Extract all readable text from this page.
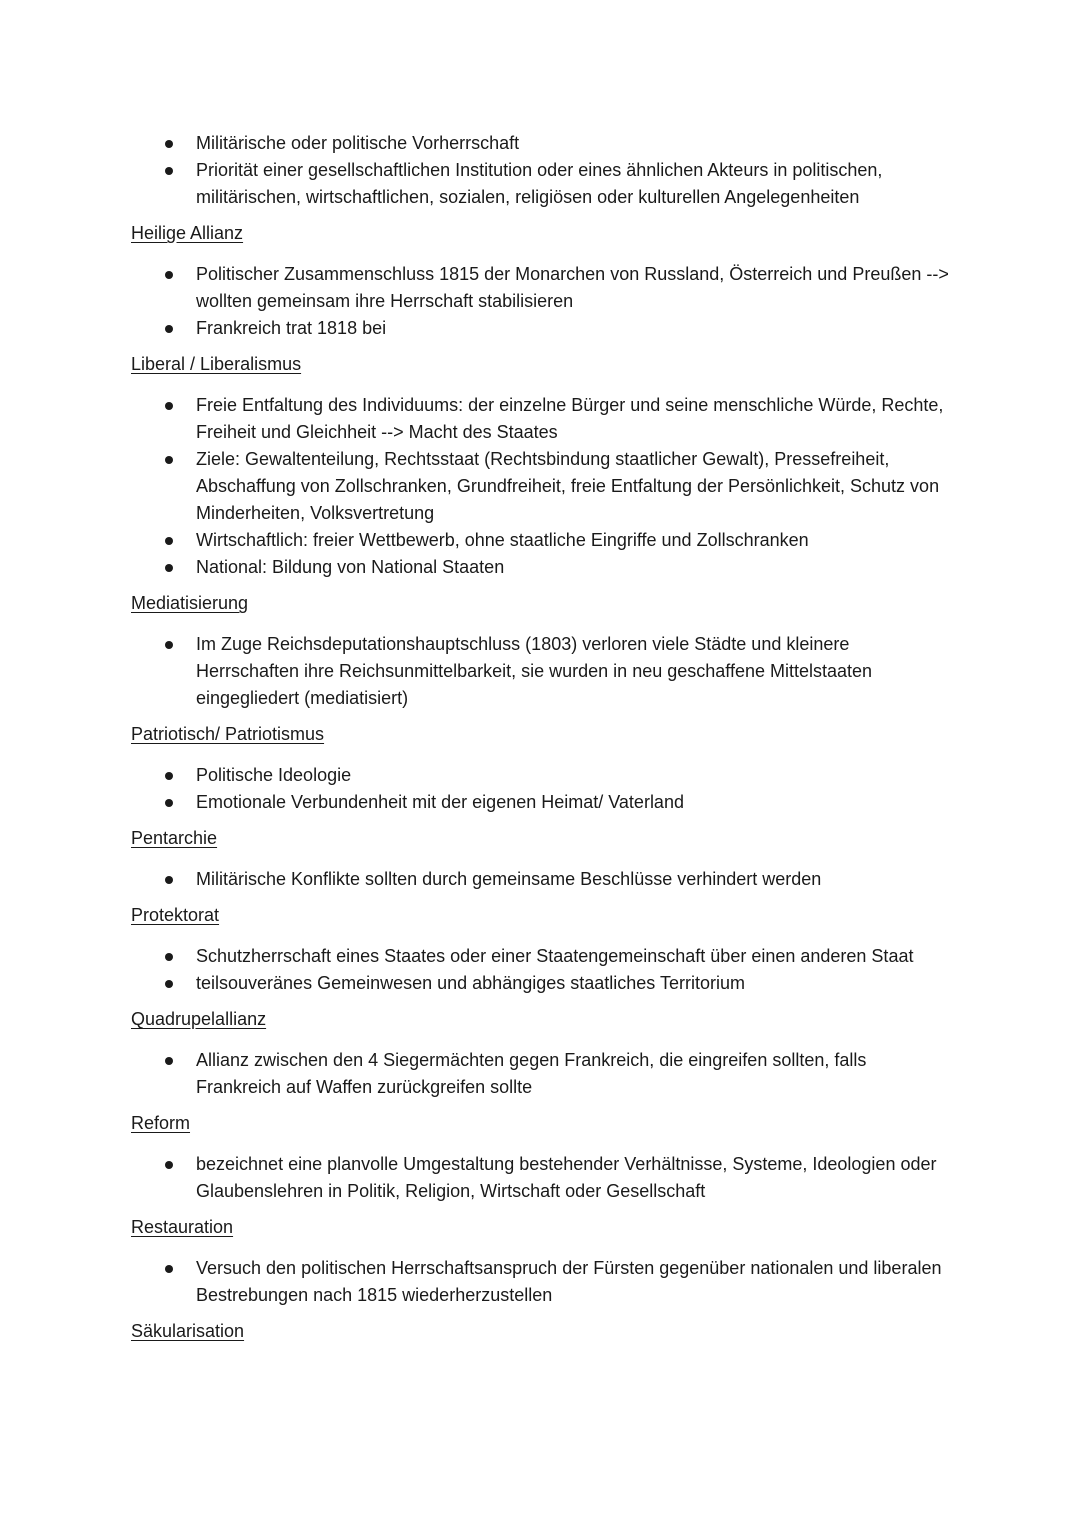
Militärische oder politische Vorherrschaft
Priorität einer gesellschaftlichen Institution oder eines ähnlichen Akteurs in politischen, militärischen, wirtschaftlichen, sozialen, religiösen oder kulturellen Angelegenheiten
Heilige Allianz
Politischer Zusammenschluss 1815 der Monarchen von Russland, Österreich und Preußen --> wollten gemeinsam ihre Herrschaft stabilisieren
Frankreich trat 1818 bei
Liberal / Liberalismus
Freie Entfaltung des Individuums: der einzelne Bürger und seine menschliche Würde, Rechte, Freiheit und Gleichheit --> Macht des Staates
Ziele: Gewaltenteilung, Rechtsstaat (Rechtsbindung staatlicher Gewalt), Pressefreiheit, Abschaffung von Zollschranken, Grundfreiheit, freie Entfaltung der Persönlichkeit, Schutz von Minderheiten, Volksvertretung
Wirtschaftlich: freier Wettbewerb, ohne staatliche Eingriffe und Zollschranken
National: Bildung von National Staaten
Mediatisierung
Im Zuge Reichsdeputationshauptschluss (1803) verloren viele Städte und kleinere Herrschaften ihre Reichsunmittelbarkeit, sie wurden in neu geschaffene Mittelstaaten eingegliedert (mediatisiert)
Patriotisch/ Patriotismus
Politische Ideologie
Emotionale Verbundenheit mit der eigenen Heimat/ Vaterland
Pentarchie
Militärische Konflikte sollten durch gemeinsame Beschlüsse verhindert werden
Protektorat
Schutzherrschaft eines Staates oder einer Staatengemeinschaft über einen anderen Staat
teilsouveränes Gemeinwesen und abhängiges staatliches Territorium
Quadrupelallianz
Allianz zwischen den 4 Siegermächten gegen Frankreich, die eingreifen sollten, falls Frankreich auf Waffen zurückgreifen sollte
Reform
bezeichnet eine planvolle Umgestaltung bestehender Verhältnisse, Systeme, Ideologien oder Glaubenslehren in Politik, Religion, Wirtschaft oder Gesellschaft
Restauration
Versuch den politischen Herrschaftsanspruch der Fürsten gegenüber nationalen und liberalen Bestrebungen nach 1815 wiederherzustellen
Säkularisation
